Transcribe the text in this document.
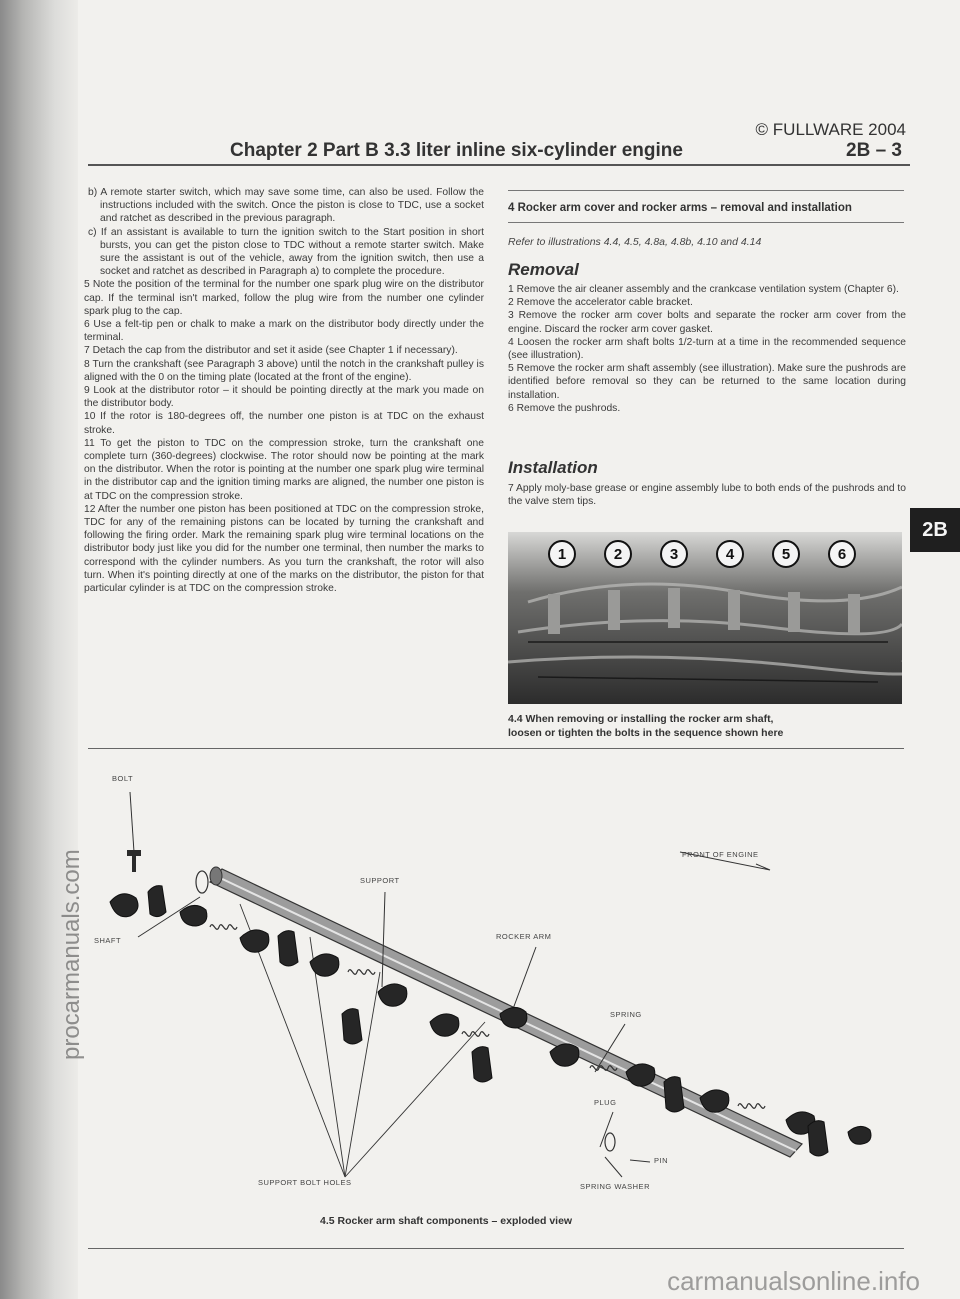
© FULLWARE 2004
Chapter 2 Part B 3.3 liter inline six-cylinder engine	2B – 3

b) A remote starter switch, which may save some time, can also be used. Follow the instructions included with the switch. Once the piston is close to TDC, use a socket and ratchet as described in the previous paragraph.

c) If an assistant is available to turn the ignition switch to the Start position in short bursts, you can get the piston close to TDC without a remote starter switch. Make sure the assistant is out of the vehicle, away from the ignition switch, then use a socket and ratchet as described in Paragraph a) to complete the procedure.

5 Note the position of the terminal for the number one spark plug wire on the distributor cap. If the terminal isn't marked, follow the plug wire from the number one cylinder spark plug to the cap.

6 Use a felt-tip pen or chalk to make a mark on the distributor body directly under the terminal.

7 Detach the cap from the distributor and set it aside (see Chapter 1 if necessary).

8 Turn the crankshaft (see Paragraph 3 above) until the notch in the crankshaft pulley is aligned with the 0 on the timing plate (located at the front of the engine).

9 Look at the distributor rotor – it should be pointing directly at the mark you made on the distributor body.

10 If the rotor is 180-degrees off, the number one piston is at TDC on the exhaust stroke.

11 To get the piston to TDC on the compression stroke, turn the crankshaft one complete turn (360-degrees) clockwise. The rotor should now be pointing at the mark on the distributor. When the rotor is pointing at the number one spark plug wire terminal in the distributor cap and the ignition timing marks are aligned, the number one piston is at TDC on the compression stroke.

12 After the number one piston has been positioned at TDC on the compression stroke, TDC for any of the remaining pistons can be located by turning the crankshaft and following the firing order. Mark the remaining spark plug wire terminal locations on the distributor body just like you did for the number one terminal, then number the marks to correspond with the cylinder numbers. As you turn the crankshaft, the rotor will also turn. When it's pointing directly at one of the marks on the distributor, the piston for that particular cylinder is at TDC on the compression stroke.

4 Rocker arm cover and rocker arms – removal and installation
Refer to illustrations 4.4, 4.5, 4.8a, 4.8b, 4.10 and 4.14
Removal

1 Remove the air cleaner assembly and the crankcase ventilation system (Chapter 6).

2 Remove the accelerator cable bracket.

3 Remove the rocker arm cover bolts and separate the rocker arm cover from the engine. Discard the rocker arm cover gasket.

4 Loosen the rocker arm shaft bolts 1/2-turn at a time in the recommended sequence (see illustration).

5 Remove the rocker arm shaft assembly (see illustration). Make sure the pushrods are identified before removal so they can be returned to the same location during installation.

6 Remove the pushrods.

Installation

7 Apply moly-base grease or engine assembly lube to both ends of the pushrods and to the valve stem tips.

1	2	3	4	5	6
4.4 When removing or installing the rocker arm shaft,
loosen or tighten the bolts in the sequence shown here
2B
BOLT
SUPPORT
ROCKER ARM
SPRING
SHAFT
PLUG
PIN
SUPPORT BOLT HOLES	SPRING WASHER
FRONT OF ENGINE
4.5 Rocker arm shaft components – exploded view
procarmanuals.com
carmanualsonline.info
